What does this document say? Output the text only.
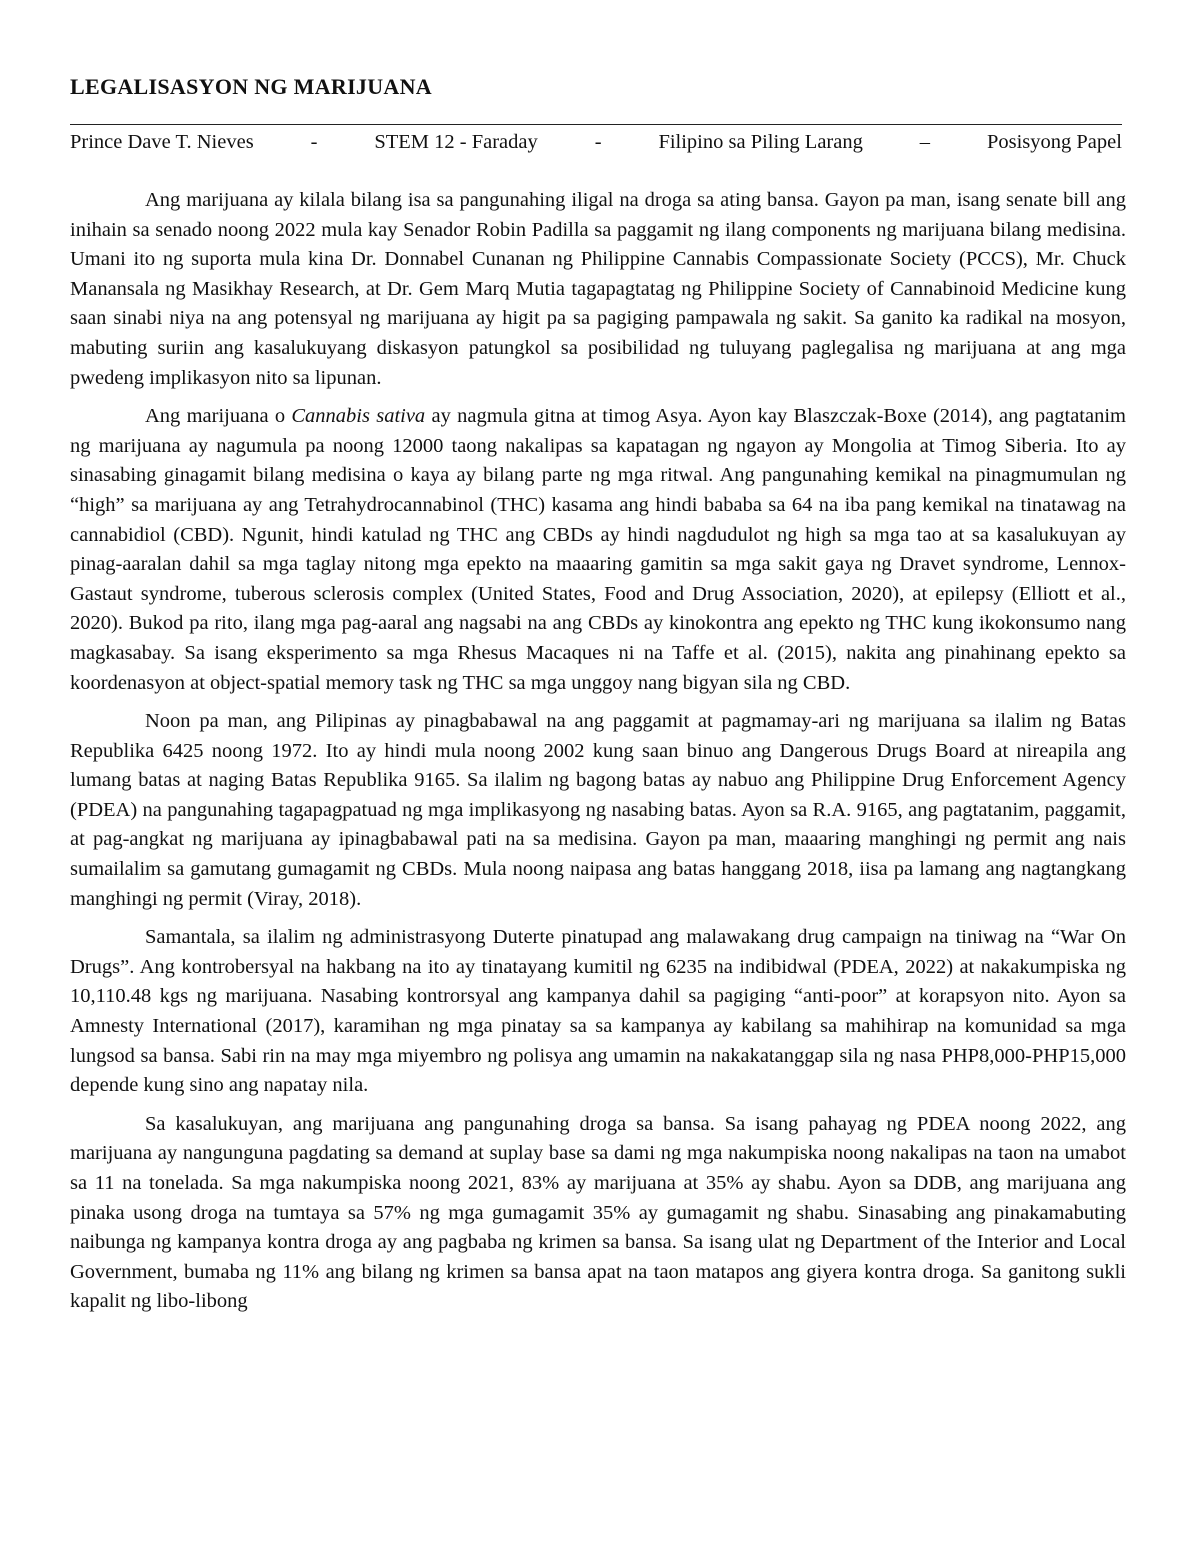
LEGALISASYON NG MARIJUANA
Prince Dave T. Nieves	-	STEM 12 - Faraday	-	Filipino sa Piling Larang	–	Posisyong Papel

Ang marijuana ay kilala bilang isa sa pangunahing iligal na droga sa ating bansa. Gayon pa man, isang senate bill ang inihain sa senado noong 2022 mula kay Senador Robin Padilla sa paggamit ng ilang components ng marijuana bilang medisina. Umani ito ng suporta mula kina Dr. Donnabel Cunanan ng Philippine Cannabis Compassionate Society (PCCS), Mr. Chuck Manansala ng Masikhay Research, at Dr. Gem Marq Mutia tagapagtatag ng Philippine Society of Cannabinoid Medicine kung saan sinabi niya na ang potensyal ng marijuana ay higit pa sa pagiging pampawala ng sakit. Sa ganito ka radikal na mosyon, mabuting suriin ang kasalukuyang diskasyon patungkol sa posibilidad ng tuluyang paglegalisa ng marijuana at ang mga pwedeng implikasyon nito sa lipunan.

Ang marijuana o Cannabis sativa ay nagmula gitna at timog Asya. Ayon kay Blaszczak-Boxe (2014), ang pagtatanim ng marijuana ay nagumula pa noong 12000 taong nakalipas sa kapatagan ng ngayon ay Mongolia at Timog Siberia. Ito ay sinasabing ginagamit bilang medisina o kaya ay bilang parte ng mga ritwal. Ang pangunahing kemikal na pinagmumulan ng “high” sa marijuana ay ang Tetrahydrocannabinol (THC) kasama ang hindi bababa sa 64 na iba pang kemikal na tinatawag na cannabidiol (CBD). Ngunit, hindi katulad ng THC ang CBDs ay hindi nagdudulot ng high sa mga tao at sa kasalukuyan ay pinag-aaralan dahil sa mga taglay nitong mga epekto na maaaring gamitin sa mga sakit gaya ng Dravet syndrome, Lennox-Gastaut syndrome, tuberous sclerosis complex (United States, Food and Drug Association, 2020), at epilepsy (Elliott et al., 2020). Bukod pa rito, ilang mga pag-aaral ang nagsabi na ang CBDs ay kinokontra ang epekto ng THC kung ikokonsumo nang magkasabay. Sa isang eksperimento sa mga Rhesus Macaques ni na Taffe et al. (2015), nakita ang pinahinang epekto sa koordenasyon at object-spatial memory task ng THC sa mga unggoy nang bigyan sila ng CBD.

Noon pa man, ang Pilipinas ay pinagbabawal na ang paggamit at pagmamay-ari ng marijuana sa ilalim ng Batas Republika 6425 noong 1972. Ito ay hindi mula noong 2002 kung saan binuo ang Dangerous Drugs Board at nireapila ang lumang batas at naging Batas Republika 9165. Sa ilalim ng bagong batas ay nabuo ang Philippine Drug Enforcement Agency (PDEA) na pangunahing tagapagpatuad ng mga implikasyong ng nasabing batas. Ayon sa R.A. 9165, ang pagtatanim, paggamit, at pag-angkat ng marijuana ay ipinagbabawal pati na sa medisina. Gayon pa man, maaaring manghingi ng permit ang nais sumailalim sa gamutang gumagamit ng CBDs. Mula noong naipasa ang batas hanggang 2018, iisa pa lamang ang nagtangkang manghingi ng permit (Viray, 2018).

Samantala, sa ilalim ng administrasyong Duterte pinatupad ang malawakang drug campaign na tiniwag na “War On Drugs”. Ang kontrobersyal na hakbang na ito ay tinatayang kumitil ng 6235 na indibidwal (PDEA, 2022) at nakakumpiska ng 10,110.48 kgs ng marijuana. Nasabing kontrorsyal ang kampanya dahil sa pagiging “anti-poor” at korapsyon nito. Ayon sa Amnesty International (2017), karamihan ng mga pinatay sa sa kampanya ay kabilang sa mahihirap na komunidad sa mga lungsod sa bansa. Sabi rin na may mga miyembro ng polisya ang umamin na nakakatanggap sila ng nasa PHP8,000-PHP15,000 depende kung sino ang napatay nila.

Sa kasalukuyan, ang marijuana ang pangunahing droga sa bansa. Sa isang pahayag ng PDEA noong 2022, ang marijuana ay nangunguna pagdating sa demand at suplay base sa dami ng mga nakumpiska noong nakalipas na taon na umabot sa 11 na tonelada. Sa mga nakumpiska noong 2021, 83% ay marijuana at 35% ay shabu. Ayon sa DDB, ang marijuana ang pinaka usong droga na tumtaya sa 57% ng mga gumagamit 35% ay gumagamit ng shabu. Sinasabing ang pinakamabuting naibunga ng kampanya kontra droga ay ang pagbaba ng krimen sa bansa. Sa isang ulat ng Department of the Interior and Local Government, bumaba ng 11% ang bilang ng krimen sa bansa apat na taon matapos ang giyera kontra droga. Sa ganitong sukli kapalit ng libo-libong
